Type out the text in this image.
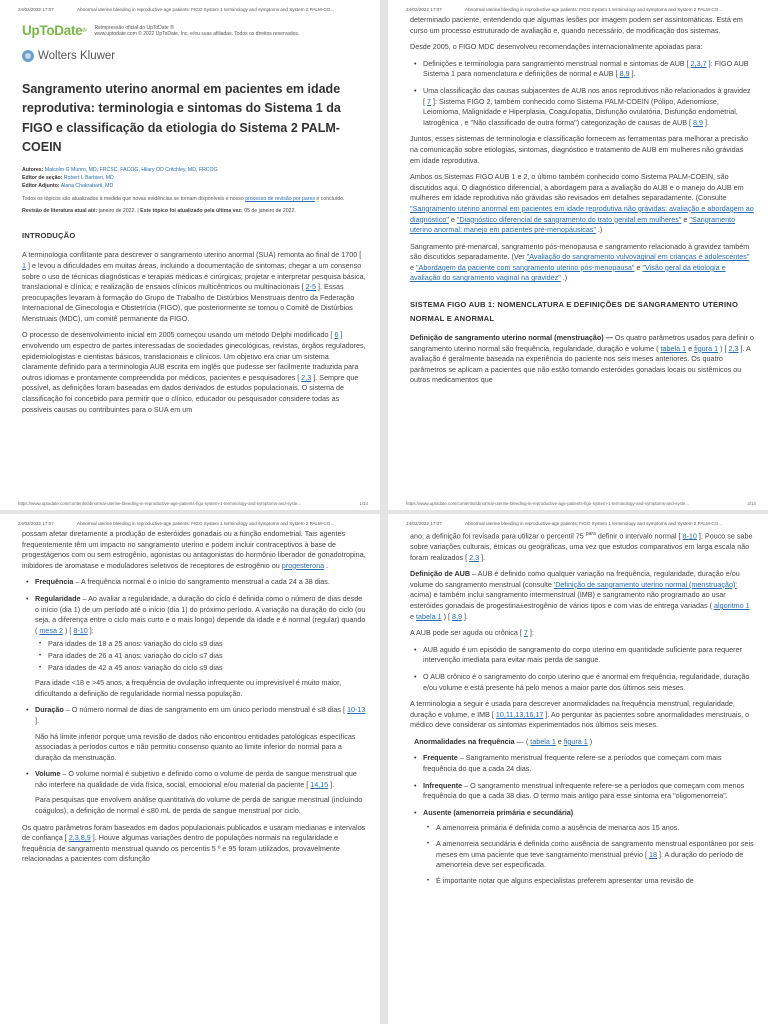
24/02/2022 17:07	Abnormal uterine bleeding in reproductive-age patients: FIGO System 1 terminology and symptoms and System 2 PALM-CO...
UpToDate®
Reimpressão oficial do UpToDate ®
www.uptodate.com © 2022 UpToDate, Inc. e/ou suas afiliadas. Todos os direitos reservados.
Wolters Kluwer
Sangramento uterino anormal em pacientes em idade reprodutiva: terminologia e sintomas do Sistema 1 da FIGO e classificação da etiologia do Sistema 2 PALM-COEIN
Autores: Malcolm G Munro, MD, FRCSC, FACOG, Hilary OD Critchley, MD, FRCOG
Editor de seção: Robert L Barbieri, MD
Editor Adjunto: Alana Chakrabarti, MD
Todos os tópicos são atualizados à medida que novas evidências se tornam disponíveis e nosso processo de revisão por pares é concluído.
Revisão de literatura atual até: janeiro de 2022. | Este tópico foi atualizado pela última vez: 05 de janeiro de 2022.
INTRODUÇÃO

A terminologia conflitante para descrever o sangramento uterino anormal (SUA) remonta ao final de 1700 [ 1 ] e levou a dificuldades em muitas áreas, incluindo a documentação de sintomas; chegar a um consenso sobre o uso de técnicas diagnósticas e terapias médicas e cirúrgicas; projetar e interpretar pesquisa básica, translacional e clínica; e realização de ensaios clínicos multicêntricos ou multinacionais [ 2-5 ]. Essas preocupações levaram à formação do Grupo de Trabalho de Distúrbios Menstruais dentro da Federação Internacional de Ginecologia e Obstetrícia (FIGO), que posteriormente se tornou o Comitê de Distúrbios Menstruais (MDC), um comitê permanente da FIGO.

O processo de desenvolvimento inicial em 2005 começou usando um método Delphi modificado [ 6 ] envolvendo um espectro de partes interessadas de sociedades ginecológicas, revistas, órgãos reguladores, epidemiologistas e cientistas básicos, translacionais e clínicos. Um objetivo era criar um sistema claramente definido para a terminologia AUB escrita em inglês que pudesse ser facilmente traduzida para outros idiomas e prontamente compreendida por médicos, pacientes e pesquisadores [ 2,3 ]. Sempre que possível, as definições foram baseadas em dados derivados de estudos populacionais. O sistema de classificação foi concebido para permitir que o clínico, educador ou pesquisador considere todas as possíveis causas ou contribuintes para o SUA em um

https://www.uptodate.com/contents/abnormal-uterine-bleeding-in-reproductive-age-patients-figo-system-1-terminology-and-symptoms-and-syste...	1/14
24/02/2022 17:07	Abnormal uterine bleeding in reproductive-age patients: FIGO System 1 terminology and symptoms and System 2 PALM-CO...

determinado paciente, entendendo que algumas lesões por imagem podem ser assintomáticas. Está em curso um processo estruturado de avaliação e, quando necessário, de modificação dos sistemas.

Desde 2005, o FIGO MDC desenvolveu recomendações internacionalmente apoiadas para:

• Definições e terminologia para sangramento menstrual normal e sintomas de AUB [ 2,3,7 ]: FIGO AUB Sistema 1 para nomenclatura e definições de normal e AUB [ 8,9 ].
• Uma classificação das causas subjacentes de AUB nos anos reprodutivos não relacionados à gravidez [ 7 ]: Sistema FIGO 2, também conhecido como Sistema PALM-COEIN (Pólipo, Adenomiose, Leiomioma, Malignidade e Hiperplasia, Coagulopatia, Disfunção ovulatória, Disfunção endometrial, Iatrogênica , e "Não classificado de outra forma") categorização de causas de AUB [ 8,9 ].

Juntos, esses sistemas de terminologia e classificação fornecem as ferramentas para melhorar a precisão na comunicação sobre etiologias, sintomas, diagnóstico e tratamento de AUB em mulheres não grávidas em idade reprodutiva.

Ambos os Sistemas FIGO AUB 1 e 2, o último também conhecido como Sistema PALM-COEIN, são discutidos aqui. O diagnóstico diferencial, a abordagem para a avaliação do AUB e o manejo do AUB em mulheres em idade reprodutiva não grávidas são revisados em detalhes separadamente. (Consulte "Sangramento uterino anormal em pacientes em idade reprodutiva não grávidas: avaliação e abordagem ao diagnóstico" e "Diagnóstico diferencial de sangramento do trato genital em mulheres" e "Sangramento uterino anormal: manejo em pacientes pré-menopáusicas" .)

Sangramento pré-menarcal, sangramento pós-menopausa e sangramento relacionado à gravidez também são discutidos separadamente. (Ver "Avaliação do sangramento vulvovaginal em crianças e adolescentes" e "Abordagem da paciente com sangramento uterino pós-menopausa" e "Visão geral da etiologia e avaliação do sangramento vaginal na gravidez" .)

SISTEMA FIGO AUB 1: NOMENCLATURA E DEFINIÇÕES DE SANGRAMENTO UTERINO NORMAL E ANORMAL

Definição de sangramento uterino normal (menstruação) — Os quatro parâmetros usados para definir o sangramento uterino normal são frequência, regularidade, duração e volume ( tabela 1 e figura 1 ) [ 2,3 ]. A avaliação é geralmente baseada na experiência do paciente nos seis meses anteriores. Os quatro parâmetros se aplicam a pacientes que não estão tomando esteróides gonadais locais ou sistêmicos ou outros medicamentos que

https://www.uptodate.com/contents/abnormal-uterine-bleeding-in-reproductive-age-patients-figo-system-1-terminology-and-symptoms-and-syste...	2/14
24/02/2022 17:07	Abnormal uterine bleeding in reproductive-age patients: FIGO System 1 terminology and symptoms and System 2 PALM-CO...

possam afetar diretamente a produção de esteróides gonadais ou a função endometrial. Tais agentes frequentemente têm um impacto no sangramento uterino e podem incluir contraceptivos à base de progestágenos com ou sem estrogênio, agonistas ou antagonistas do hormônio liberador de gonadotropina, inibidores de aromatase e moduladores seletivos de receptores de estrogênio ou progesterona .

• Frequência – A frequência normal é o início do sangramento menstrual a cada 24 a 38 dias.
• Regularidade – Ao avaliar a regularidade, a duração do ciclo é definida como o número de dias desde o início (dia 1) de um período até o início (dia 1) do próximo período. A variação na duração do ciclo (ou seja, a diferença entre o ciclo mais curto e o mais longo) depende da idade e é normal (regular) quando ( mesa 2 ) [ 8-10 ]:
• Para idades de 18 a 25 anos: variação do ciclo ≤9 dias
• Para idades de 26 a 41 anos: variação do ciclo ≤7 dias
• Para idades de 42 a 45 anos: variação do ciclo ≤9 dias
Para idade <18 e >45 anos, a frequência de ovulação infrequente ou imprevisível é muito maior, dificultando a definição de regularidade normal nessa população.
• Duração – O número normal de dias de sangramento em um único período menstrual é ≤8 dias [ 10-13 ].
Não há limite inferior porque uma revisão de dados não encontrou entidades patológicas específicas associadas a períodos curtos e não permitiu consenso quanto ao limite inferior do normal para a duração da menstruação.
• Volume – O volume normal é subjetivo e definido como o volume de perda de sangue menstrual que não interfere na qualidade de vida física, social, emocional e/ou material da paciente [ 14,15 ].
Para pesquisas que envolvem análise quantitativa do volume de perda de sangue menstrual (incluindo coágulos), a definição de normal é ≤80 mL de perda de sangue menstrual por ciclo.

Os quatro parâmetros foram baseados em dados populacionais publicados e usaram medianas e intervalos de confiança [ 2,3,8,9 ]. Houve algumas variações dentro de populações normais na regularidade e frequência de sangramento menstrual quando os percentis 5 º e 95 foram utilizados, provavelmente relacionadas a pacientes com disfunção

24/02/2022 17:07	Abnormal uterine bleeding in reproductive-age patients: FIGO System 1 terminology and symptoms and System 2 PALM-CO...

ano, a definição foi revisada para utilizar o percentil 75 $^{para}$ definir o intervalo normal [ 8-10 ]. Pouco se sabe sobre variações culturais, étnicas ou geográficas, uma vez que estudos comparativos em larga escala não foram realizados [ 2,3 ].

Definição de AUB – AUB é definido como qualquer variação na frequência, regularidade, duração e/ou volume do sangramento menstrual (consulte 'Definição de sangramento uterino normal (menstruação)' acima) e também inclui sangramento intermenstrual (IMB) e sangramento não programado ao usar esteróides gonadais de progestina±estrogênio de vários tipos e com vias de entrega variadas ( algoritmo 1 e tabela 1 ) [ 8,9 ].

A AUB pode ser aguda ou crônica [ 7 ]:

• AUB agudo é um episódio de sangramento do corpo uterino em quantidade suficiente para requerer intervenção imediata para evitar mais perda de sangue.
• O AUB crônico é o sangramento do corpo uterino que é anormal em frequência, regularidade, duração e/ou volume e está presente há pelo menos a maior parte dos últimos seis meses.

A terminologia a seguir é usada para descrever anormalidades na frequência menstrual, regularidade, duração e volume, e IMB [ 10,11,13,16,17 ]. Ao perguntar às pacientes sobre anormalidades menstruais, o médico deve considerar os sintomas experimentados nos últimos seis meses.

Anormalidades na frequência — ( tabela 1 e figura 1 )

• Frequente – Sangramento menstrual frequente refere-se a períodos que começam com mais frequência do que a cada 24 dias.
• Infrequente – O sangramento menstrual infrequente refere-se a períodos que começam com menos frequência do que a cada 38 dias. O termo mais antigo para esse sintoma era "oligomenorreia".
• Ausente (amenorreia primária e secundária)
• A amenorreia primária é definida como a ausência de menarca aos 15 anos.
• A amenorreia secundária é definida como ausência de sangramento menstrual espontâneo por seis meses em uma paciente que teve sangramento menstrual prévio [ 18 ]. A duração do período de amenorreia deve ser especificada.
• É importante notar que alguns especialistas preferem apresentar uma revisão de
